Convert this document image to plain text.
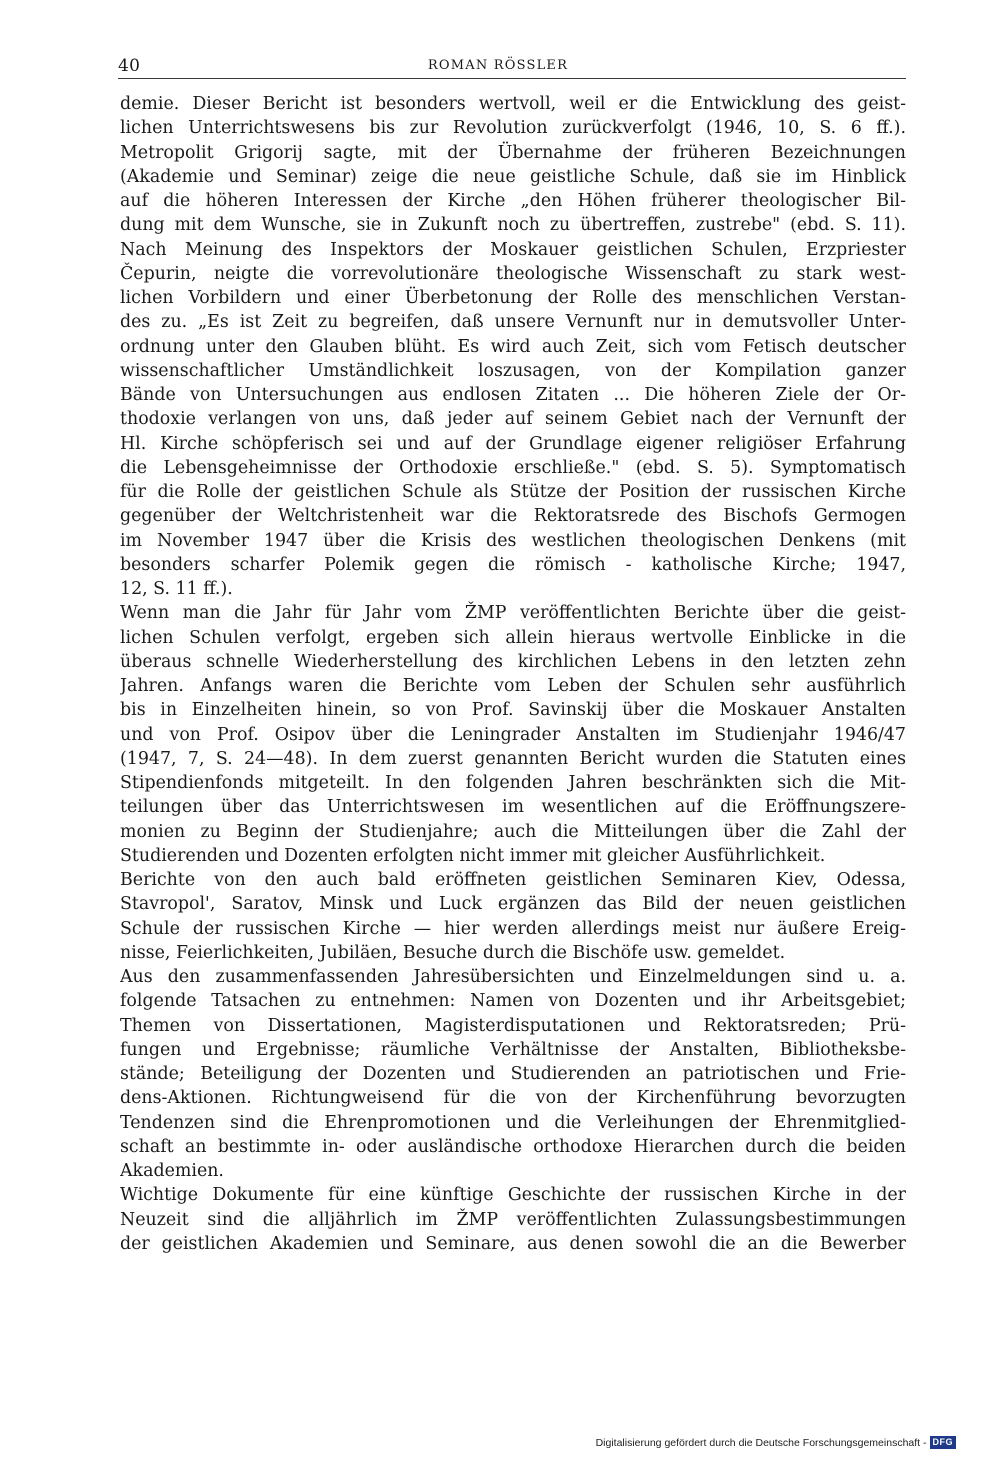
40	ROMAN RÖSSLER
demie. Dieser Bericht ist besonders wertvoll, weil er die Entwicklung des geist-
lichen Unterrichtswesens bis zur Revolution zurückverfolgt (1946, 10, S. 6 ff.).
Metropolit Grigorij sagte, mit der Übernahme der früheren Bezeichnungen
(Akademie und Seminar) zeige die neue geistliche Schule, daß sie im Hinblick
auf die höheren Interessen der Kirche „den Höhen früherer theologischer Bil-
dung mit dem Wunsche, sie in Zukunft noch zu übertreffen, zustrebe" (ebd. S. 11).
Nach Meinung des Inspektors der Moskauer geistlichen Schulen, Erzpriester
Čepurin, neigte die vorrevolutionäre theologische Wissenschaft zu stark west-
lichen Vorbildern und einer Überbetonung der Rolle des menschlichen Verstan-
des zu. „Es ist Zeit zu begreifen, daß unsere Vernunft nur in demutsvoller Unter-
ordnung unter den Glauben blüht. Es wird auch Zeit, sich vom Fetisch deutscher
wissenschaftlicher Umständlichkeit loszusagen, von der Kompilation ganzer
Bände von Untersuchungen aus endlosen Zitaten ... Die höheren Ziele der Or-
thodoxie verlangen von uns, daß jeder auf seinem Gebiet nach der Vernunft der
Hl. Kirche schöpferisch sei und auf der Grundlage eigener religiöser Erfahrung
die Lebensgeheimnisse der Orthodoxie erschließe." (ebd. S. 5). Symptomatisch
für die Rolle der geistlichen Schule als Stütze der Position der russischen Kirche
gegenüber der Weltchristenheit war die Rektoratsrede des Bischofs Germogen
im November 1947 über die Krisis des westlichen theologischen Denkens (mit
besonders scharfer Polemik gegen die römisch - katholische Kirche; 1947,
12, S. 11 ff.).
Wenn man die Jahr für Jahr vom ŽMP veröffentlichten Berichte über die geist-
lichen Schulen verfolgt, ergeben sich allein hieraus wertvolle Einblicke in die
überaus schnelle Wiederherstellung des kirchlichen Lebens in den letzten zehn
Jahren. Anfangs waren die Berichte vom Leben der Schulen sehr ausführlich
bis in Einzelheiten hinein, so von Prof. Savinskij über die Moskauer Anstalten
und von Prof. Osipov über die Leningrader Anstalten im Studienjahr 1946/47
(1947, 7, S. 24—48). In dem zuerst genannten Bericht wurden die Statuten eines
Stipendienfonds mitgeteilt. In den folgenden Jahren beschränkten sich die Mit-
teilungen über das Unterrichtswesen im wesentlichen auf die Eröffnungszere-
monien zu Beginn der Studienjahre; auch die Mitteilungen über die Zahl der
Studierenden und Dozenten erfolgten nicht immer mit gleicher Ausführlichkeit.
Berichte von den auch bald eröffneten geistlichen Seminaren Kiev, Odessa,
Stavropol', Saratov, Minsk und Luck ergänzen das Bild der neuen geistlichen
Schule der russischen Kirche — hier werden allerdings meist nur äußere Ereig-
nisse, Feierlichkeiten, Jubiläen, Besuche durch die Bischöfe usw. gemeldet.
Aus den zusammenfassenden Jahresübersichten und Einzelmeldungen sind u. a.
folgende Tatsachen zu entnehmen: Namen von Dozenten und ihr Arbeitsgebiet;
Themen von Dissertationen, Magisterdisputationen und Rektoratsreden; Prü-
fungen und Ergebnisse; räumliche Verhältnisse der Anstalten, Bibliotheksbe-
stände; Beteiligung der Dozenten und Studierenden an patriotischen und Frie-
dens-Aktionen. Richtungweisend für die von der Kirchenführung bevorzugten
Tendenzen sind die Ehrenpromotionen und die Verleihungen der Ehrenmitglied-
schaft an bestimmte in- oder ausländische orthodoxe Hierarchen durch die beiden
Akademien.
Wichtige Dokumente für eine künftige Geschichte der russischen Kirche in der
Neuzeit sind die alljährlich im ŽMP veröffentlichten Zulassungsbestimmungen
der geistlichen Akademien und Seminare, aus denen sowohl die an die Bewerber
Digitalisierung gefördert durch die Deutsche Forschungsgemeinschaft - DFG
